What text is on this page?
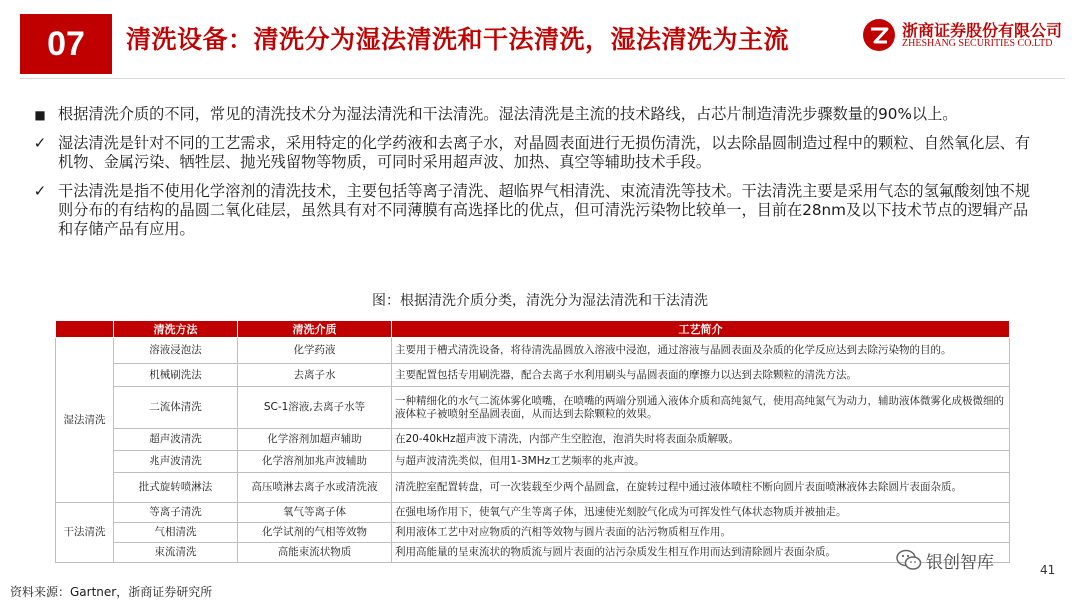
07	清洗设备：清洗分为湿法清洗和干法清洗，湿法清洗为主流	浙商证券股份有限公司
ZHESHANG SECURITIES CO.LTD
■ 根据清洗介质的不同，常见的清洗技术分为湿法清洗和干法清洗。湿法清洗是主流的技术路线，占芯片制造清洗步骤数量的90%以上。
✓ 湿法清洗是针对不同的工艺需求，采用特定的化学药液和去离子水，对晶圆表面进行无损伤清洗，以去除晶圆制造过程中的颗粒、自然氧化层、有机物、金属污染、牺牲层、抛光残留物等物质，可同时采用超声波、加热、真空等辅助技术手段。
✓ 干法清洗是指不使用化学溶剂的清洗技术，主要包括等离子清洗、超临界气相清洗、束流清洗等技术。干法清洗主要是采用气态的氢氟酸刻蚀不规则分布的有结构的晶圆二氧化硅层，虽然具有对不同薄膜有高选择比的优点，但可清洗污染物比较单一，目前在28nm及以下技术节点的逻辑产品和存储产品有应用。
图：根据清洗介质分类，清洗分为湿法清洗和干法清洗
	清洗方法	清洗介质	工艺简介
湿法清洗	溶液浸泡法	化学药液	主要用于槽式清洗设备，将待清洗晶圆放入溶液中浸泡，通过溶液与晶圆表面及杂质的化学反应达到去除污染物的目的。
	机械刷洗法	去离子水	主要配置包括专用刷洗器，配合去离子水利用刷头与晶圆表面的摩擦力以达到去除颗粒的清洗方法。
	二流体清洗	SC-1溶液,去离子水等	一种精细化的水气二流体雾化喷嘴，在喷嘴的两端分别通入液体介质和高纯氮气，使用高纯氮气为动力，辅助液体微雾化成极微细的液体粒子被喷射至晶圆表面，从而达到去除颗粒的效果。
	超声波清洗	化学溶剂加超声辅助	在20-40kHz超声波下清洗，内部产生空腔泡，泡消失时将表面杂质解吸。
	兆声波清洗	化学溶剂加兆声波辅助	与超声波清洗类似，但用1-3MHz工艺频率的兆声波。
	批式旋转喷淋法	高压喷淋去离子水或清洗液	清洗腔室配置转盘，可一次装载至少两个晶圆盒，在旋转过程中通过液体喷柱不断向圆片表面喷淋液体去除圆片表面杂质。
干法清洗	等离子清洗	氧气等离子体	在强电场作用下，使氧气产生等离子体，迅速使光刻胶气化成为可挥发性气体状态物质并被抽走。
	气相清洗	化学试剂的气相等效物	利用液体工艺中对应物质的汽相等效物与圆片表面的沾污物质相互作用。
	束流清洗	高能束流状物质	利用高能量的呈束流状的物质流与圆片表面的沾污杂质发生相互作用而达到清除圆片表面杂质。
资料来源：Gartner，浙商证券研究所
银创智库	41
